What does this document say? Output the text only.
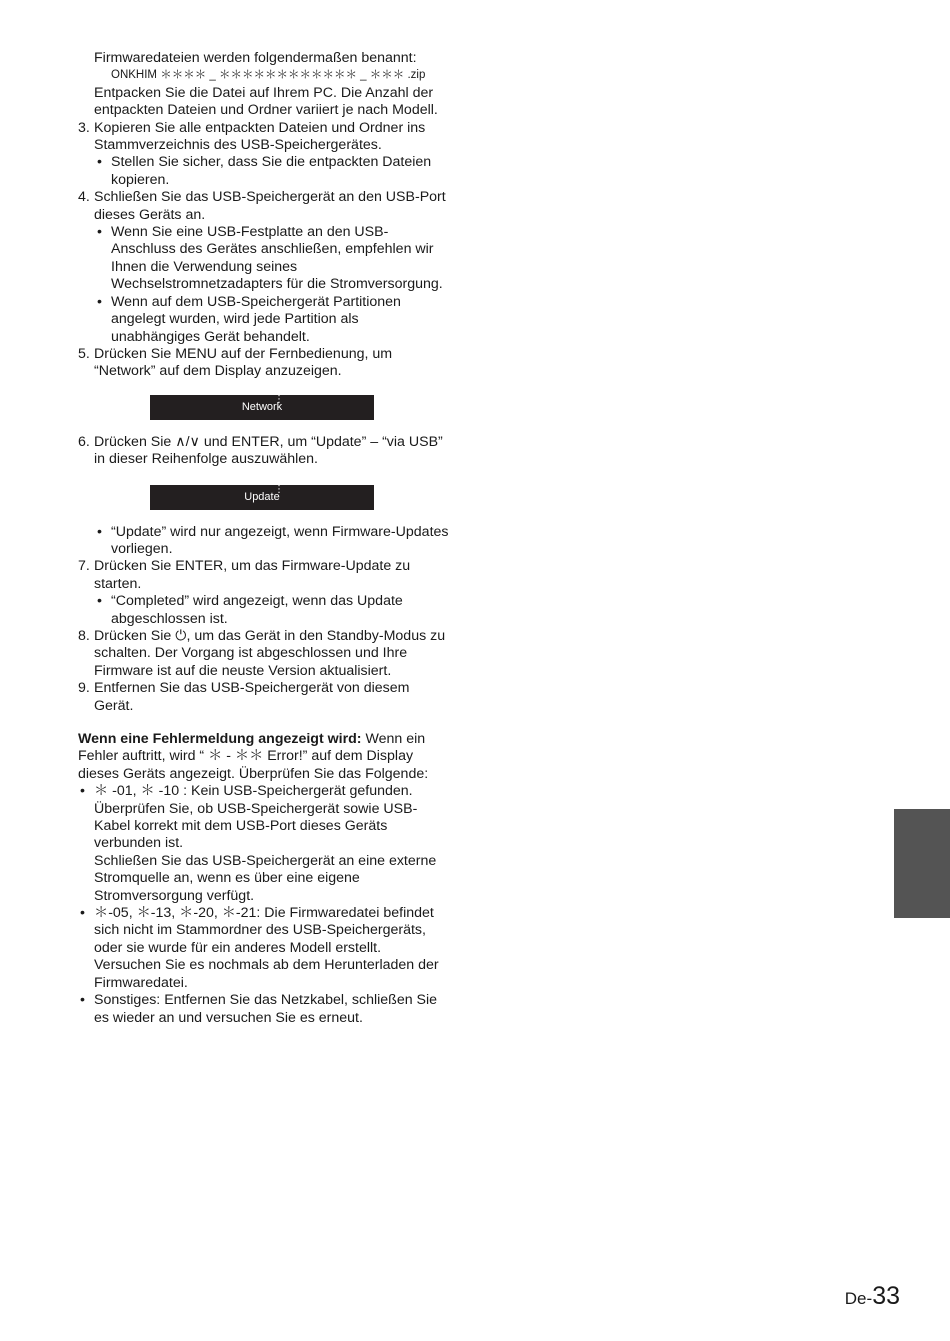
Firmwaredateien werden folgendermaßen benannt:

ONKHIM ＊＊＊＊ _ ＊＊＊＊＊＊＊＊＊＊＊＊ _ ＊＊＊ .zip

Entpacken Sie die Datei auf Ihrem PC. Die Anzahl der entpackten Dateien und Ordner variiert je nach Modell.

3. Kopieren Sie alle entpackten Dateien und Ordner ins Stammverzeichnis des USB-Speichergerätes.
• Stellen Sie sicher, dass Sie die entpackten Dateien kopieren.
4. Schließen Sie das USB-Speichergerät an den USB-Port dieses Geräts an.
• Wenn Sie eine USB-Festplatte an den USB-Anschluss des Gerätes anschließen, empfehlen wir Ihnen die Verwendung seines Wechselstromnetzadapters für die Stromversorgung.
• Wenn auf dem USB-Speichergerät Partitionen angelegt wurden, wird jede Partition als unabhängiges Gerät behandelt.
5. Drücken Sie MENU auf der Fernbedienung, um “Network” auf dem Display anzuzeigen.
Network
⋮
6. Drücken Sie ∧/∨ und ENTER, um “Update” – “via USB” in dieser Reihenfolge auszuwählen.
Update
⋮
• “Update” wird nur angezeigt, wenn Firmware-Updates vorliegen.
7. Drücken Sie ENTER, um das Firmware-Update zu starten.
• “Completed” wird angezeigt, wenn das Update abgeschlossen ist.
8. Drücken Sie ⏻, um das Gerät in den Standby-Modus zu schalten. Der Vorgang ist abgeschlossen und Ihre Firmware ist auf die neuste Version aktualisiert.
9. Entfernen Sie das USB-Speichergerät von diesem Gerät.

Wenn eine Fehlermeldung angezeigt wird: Wenn ein Fehler auftritt, wird “ ＊ - ＊＊ Error!” auf dem Display dieses Geräts angezeigt. Überprüfen Sie das Folgende:

• ＊ -01, ＊ -10 : Kein USB-Speichergerät gefunden. Überprüfen Sie, ob USB-Speichergerät sowie USB-Kabel korrekt mit dem USB-Port dieses Geräts verbunden ist.
Schließen Sie das USB-Speichergerät an eine externe Stromquelle an, wenn es über eine eigene Stromversorgung verfügt.
• ＊-05, ＊-13, ＊-20, ＊-21: Die Firmwaredatei befindet sich nicht im Stammordner des USB-Speichergeräts, oder sie wurde für ein anderes Modell erstellt. Versuchen Sie es nochmals ab dem Herunterladen der Firmwaredatei.
• Sonstiges: Entfernen Sie das Netzkabel, schließen Sie es wieder an und versuchen Sie es erneut.
De-33
